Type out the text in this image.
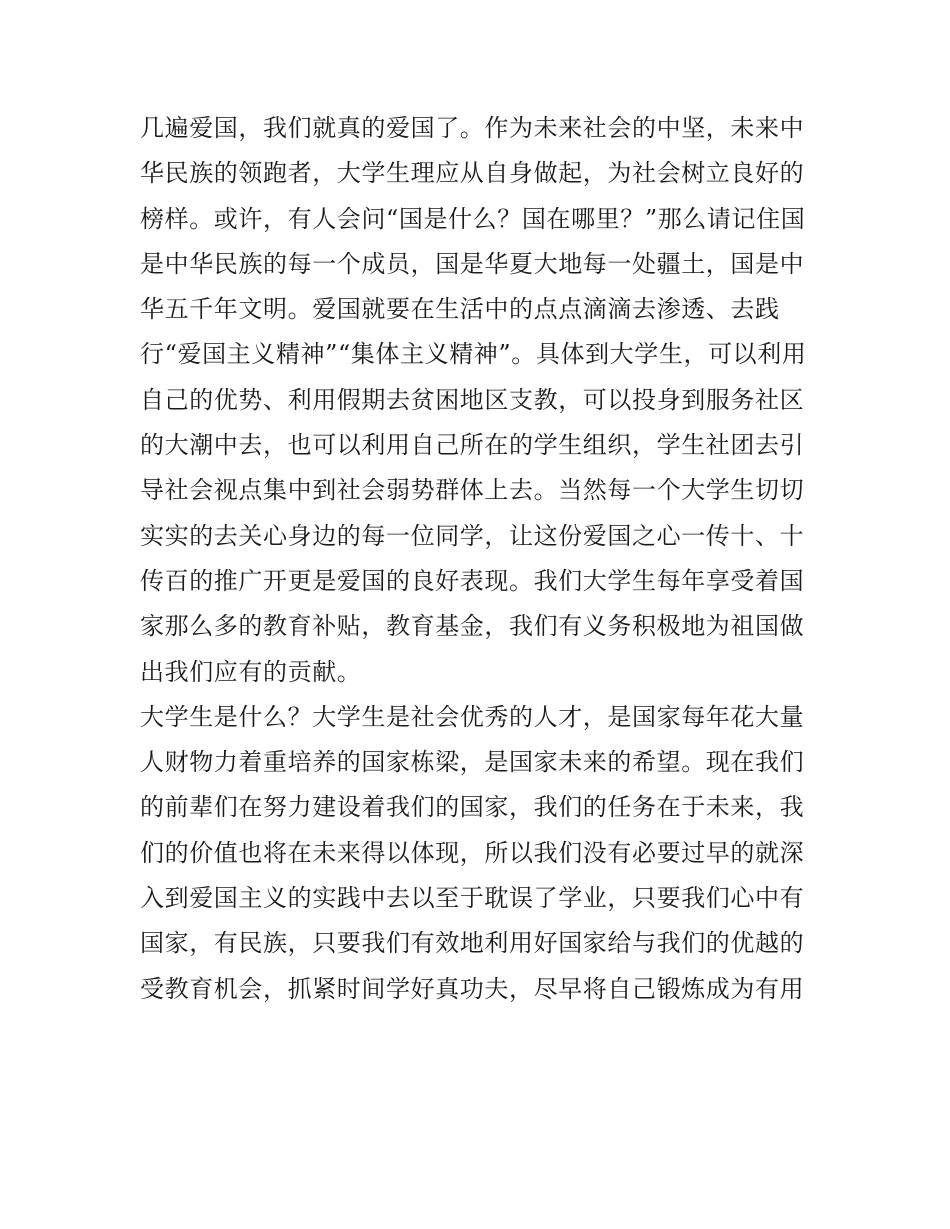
几遍爱国，我们就真的爱国了。作为未来社会的中坚，未来中
华民族的领跑者，大学生理应从自身做起，为社会树立良好的
榜样。或许，有人会问“国是什么？国在哪里？”那么请记住国
是中华民族的每一个成员，国是华夏大地每一处疆土，国是中
华五千年文明。爱国就要在生活中的点点滴滴去渗透、去践
行“爱国主义精神”“集体主义精神”。具体到大学生，可以利用
自己的优势、利用假期去贫困地区支教，可以投身到服务社区
的大潮中去，也可以利用自己所在的学生组织，学生社团去引
导社会视点集中到社会弱势群体上去。当然每一个大学生切切
实实的去关心身边的每一位同学，让这份爱国之心一传十、十
传百的推广开更是爱国的良好表现。我们大学生每年享受着国
家那么多的教育补贴，教育基金，我们有义务积极地为祖国做
出我们应有的贡献。
大学生是什么？大学生是社会优秀的人才，是国家每年花大量
人财物力着重培养的国家栋梁，是国家未来的希望。现在我们
的前辈们在努力建设着我们的国家，我们的任务在于未来，我
们的价值也将在未来得以体现，所以我们没有必要过早的就深
入到爱国主义的实践中去以至于耽误了学业，只要我们心中有
国家，有民族，只要我们有效地利用好国家给与我们的优越的
受教育机会，抓紧时间学好真功夫，尽早将自己锻炼成为有用
